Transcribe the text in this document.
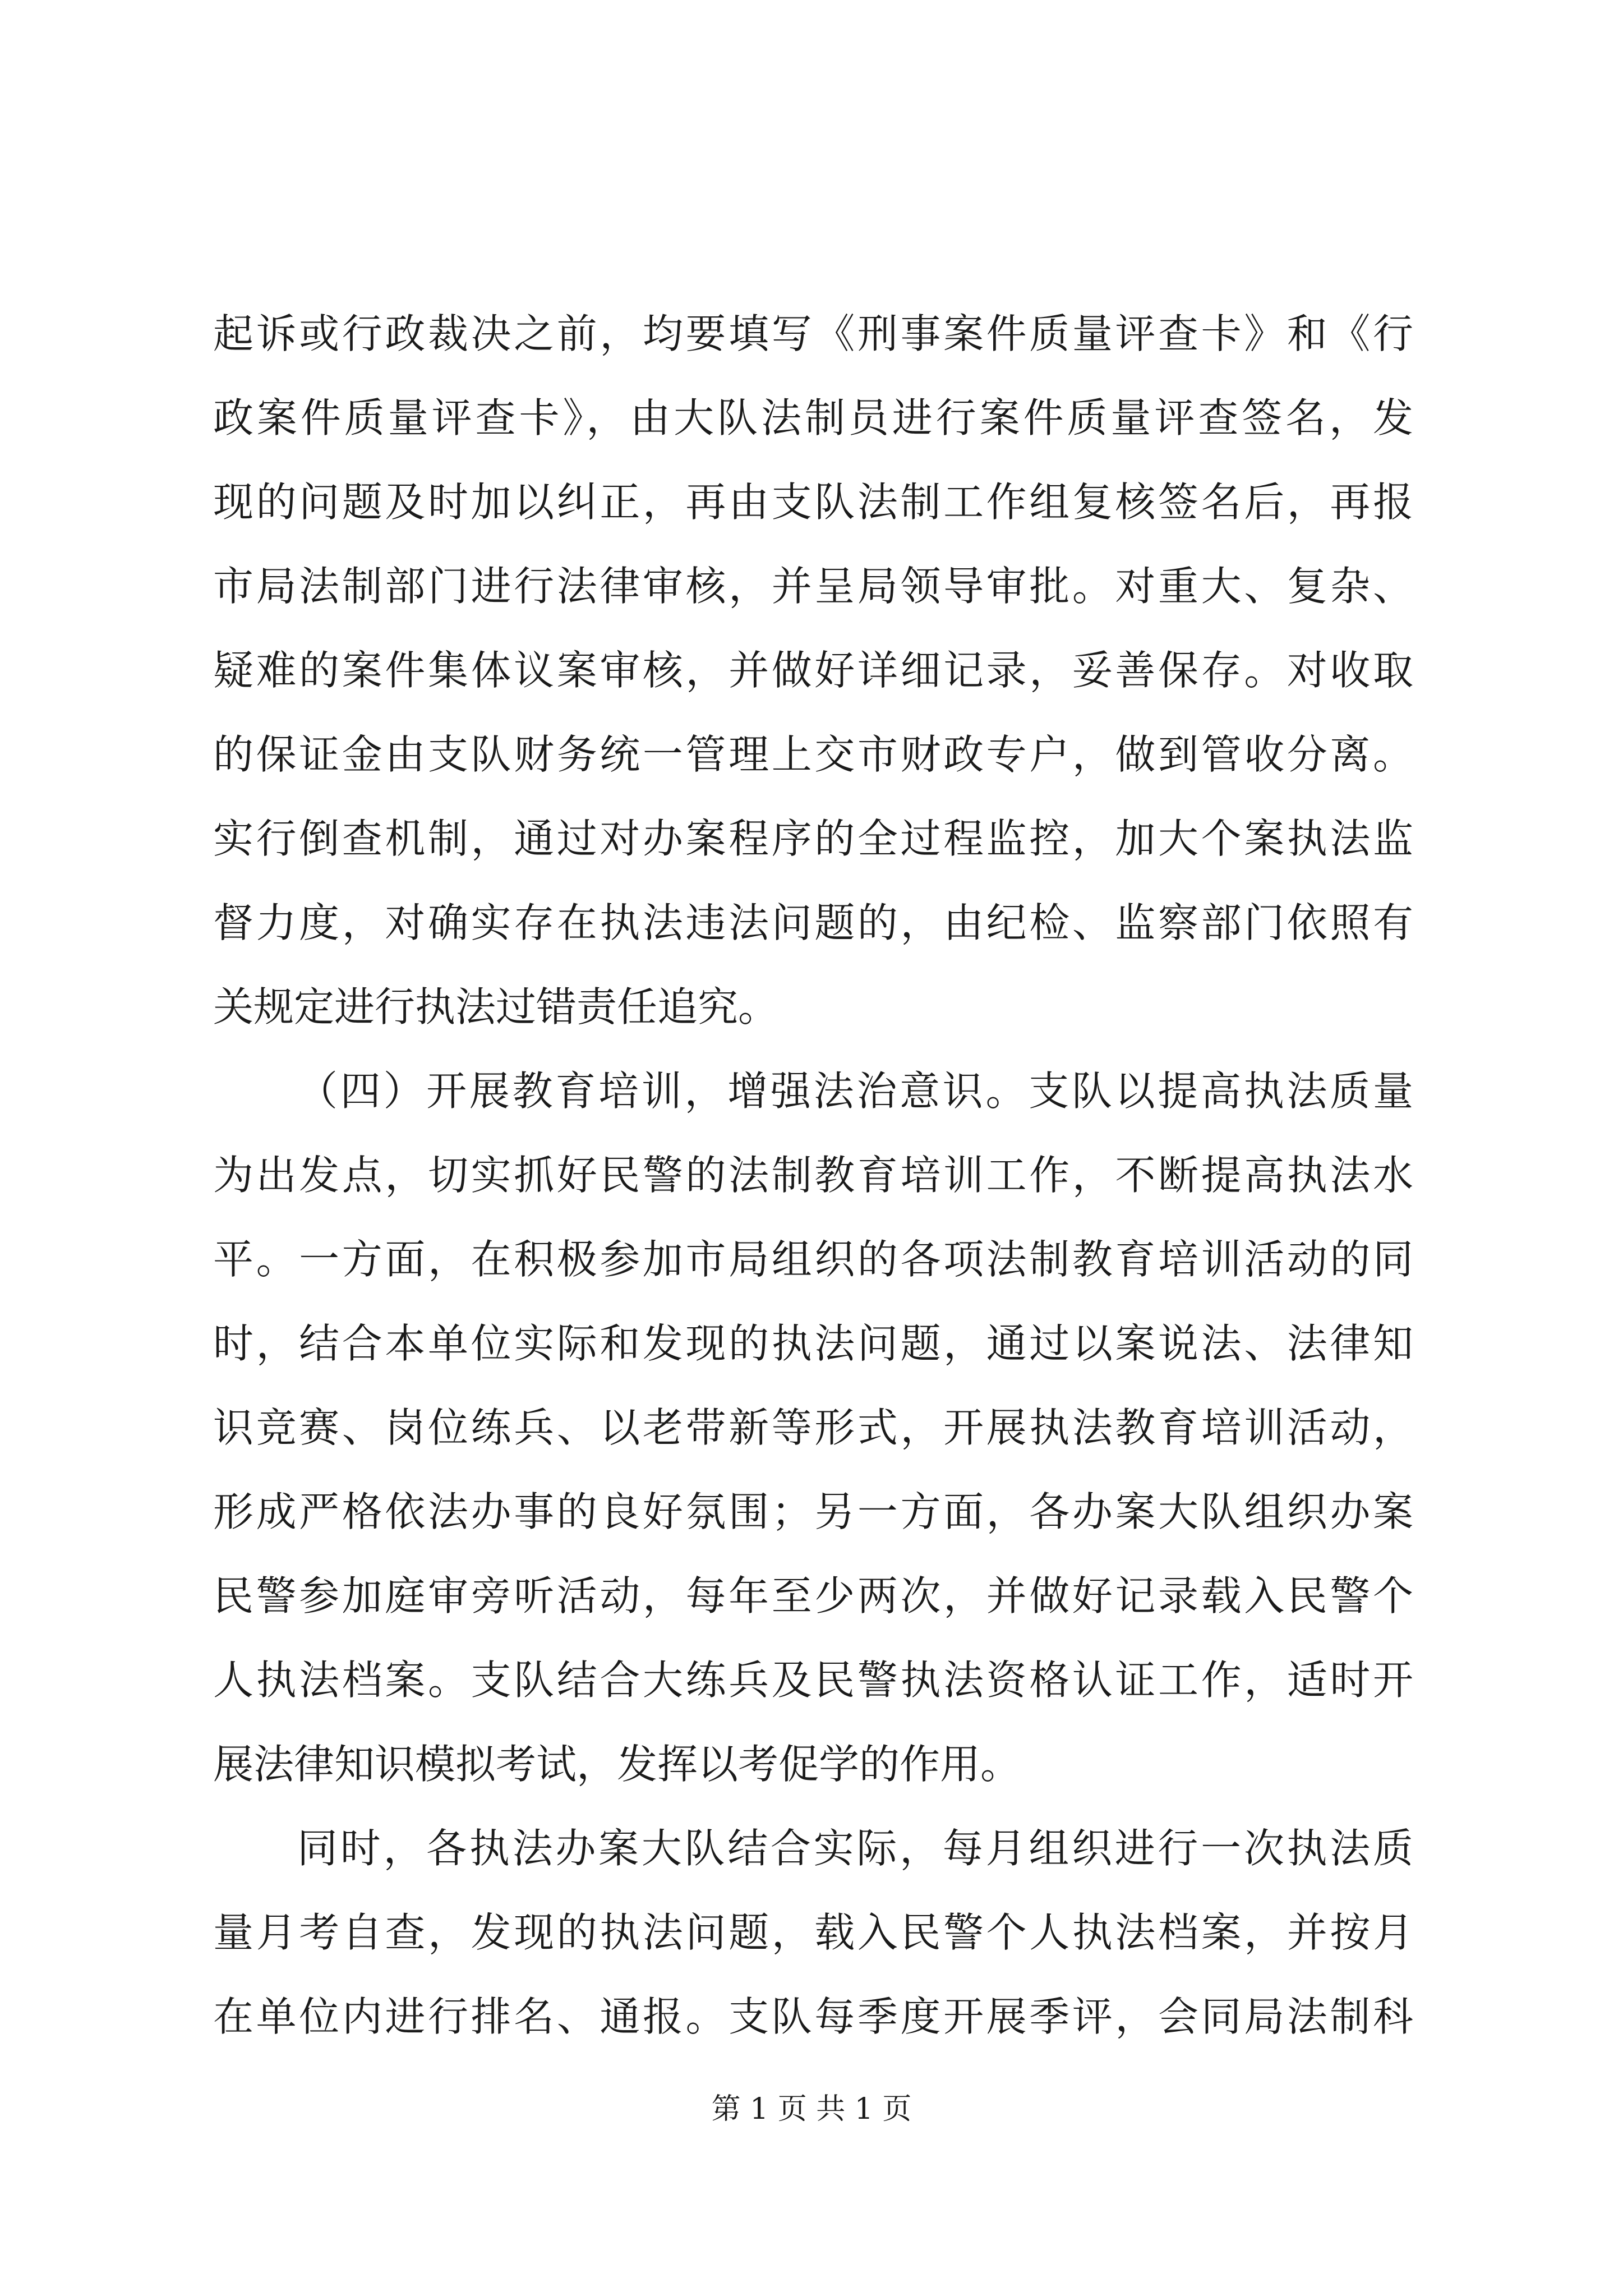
起诉或行政裁决之前，均要填写《刑事案件质量评查卡》和《行
政案件质量评查卡》，由大队法制员进行案件质量评查签名，发
现的问题及时加以纠正，再由支队法制工作组复核签名后，再报
市局法制部门进行法律审核，并呈局领导审批。对重大、复杂、
疑难的案件集体议案审核，并做好详细记录，妥善保存。对收取
的保证金由支队财务统一管理上交市财政专户，做到管收分离。
实行倒查机制，通过对办案程序的全过程监控，加大个案执法监
督力度，对确实存在执法违法问题的，由纪检、监察部门依照有
关规定进行执法过错责任追究。
（四）开展教育培训，增强法治意识。支队以提高执法质量
为出发点，切实抓好民警的法制教育培训工作，不断提高执法水
平。一方面，在积极参加市局组织的各项法制教育培训活动的同
时，结合本单位实际和发现的执法问题，通过以案说法、法律知
识竞赛、岗位练兵、以老带新等形式，开展执法教育培训活动，
形成严格依法办事的良好氛围；另一方面，各办案大队组织办案
民警参加庭审旁听活动，每年至少两次，并做好记录载入民警个
人执法档案。支队结合大练兵及民警执法资格认证工作，适时开
展法律知识模拟考试，发挥以考促学的作用。
同时，各执法办案大队结合实际，每月组织进行一次执法质
量月考自查，发现的执法问题，载入民警个人执法档案，并按月
在单位内进行排名、通报。支队每季度开展季评，会同局法制科
第 1 页 共 1 页
